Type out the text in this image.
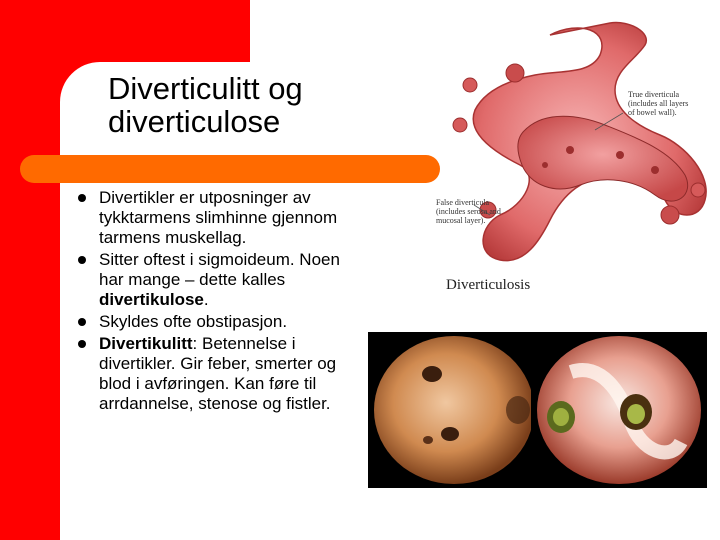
Diverticulitt og
diverticulose
Divertikler er utposninger av tykktarmens slimhinne gjennom tarmens muskellag.
Sitter oftest i sigmoideum. Noen har mange – dette kalles divertikulose.
Skyldes ofte obstipasjon.
Divertikulitt: Betennelse i divertikler. Gir feber, smerter og blod i avføringen. Kan føre til arrdannelse, stenose og fistler.
True diverticula
(includes all layers
of bowel wall).
False diverticula
(includes serosa and
mucosal layer).
Diverticulosis
